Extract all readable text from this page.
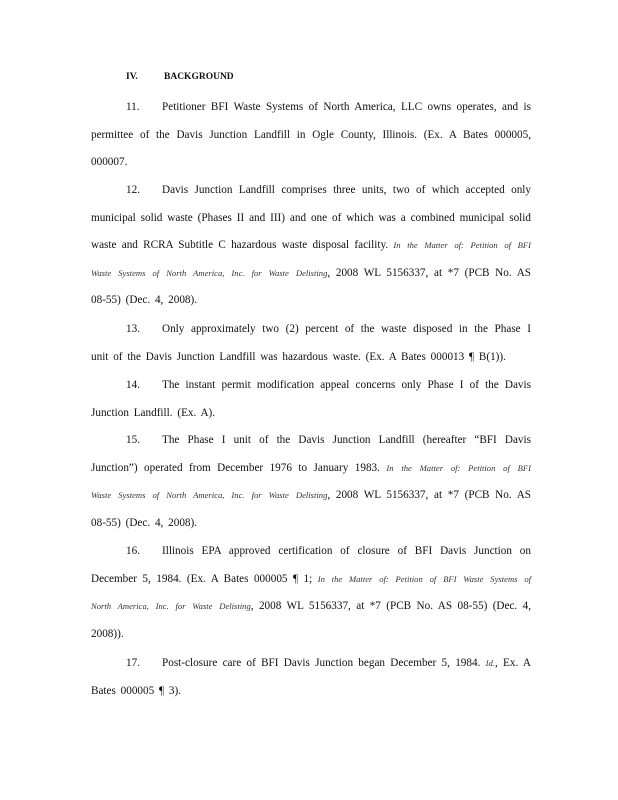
IV.	BACKGROUND
11. Petitioner BFI Waste Systems of North America, LLC owns operates, and is permittee of the Davis Junction Landfill in Ogle County, Illinois. (Ex. A Bates 000005, 000007.
12. Davis Junction Landfill comprises three units, two of which accepted only municipal solid waste (Phases II and III) and one of which was a combined municipal solid waste and RCRA Subtitle C hazardous waste disposal facility. In the Matter of: Petition of BFI Waste Systems of North America, Inc. for Waste Delisting, 2008 WL 5156337, at *7 (PCB No. AS 08-55) (Dec. 4, 2008).
13. Only approximately two (2) percent of the waste disposed in the Phase I unit of the Davis Junction Landfill was hazardous waste. (Ex. A Bates 000013 ¶ B(1)).
14. The instant permit modification appeal concerns only Phase I of the Davis Junction Landfill. (Ex. A).
15. The Phase I unit of the Davis Junction Landfill (hereafter “BFI Davis Junction”) operated from December 1976 to January 1983. In the Matter of: Petition of BFI Waste Systems of North America, Inc. for Waste Delisting, 2008 WL 5156337, at *7 (PCB No. AS 08-55) (Dec. 4, 2008).
16. Illinois EPA approved certification of closure of BFI Davis Junction on December 5, 1984. (Ex. A Bates 000005 ¶ 1; In the Matter of: Petition of BFI Waste Systems of North America, Inc. for Waste Delisting, 2008 WL 5156337, at *7 (PCB No. AS 08-55) (Dec. 4, 2008)).
17. Post-closure care of BFI Davis Junction began December 5, 1984. Id., Ex. A Bates 000005 ¶ 3).
